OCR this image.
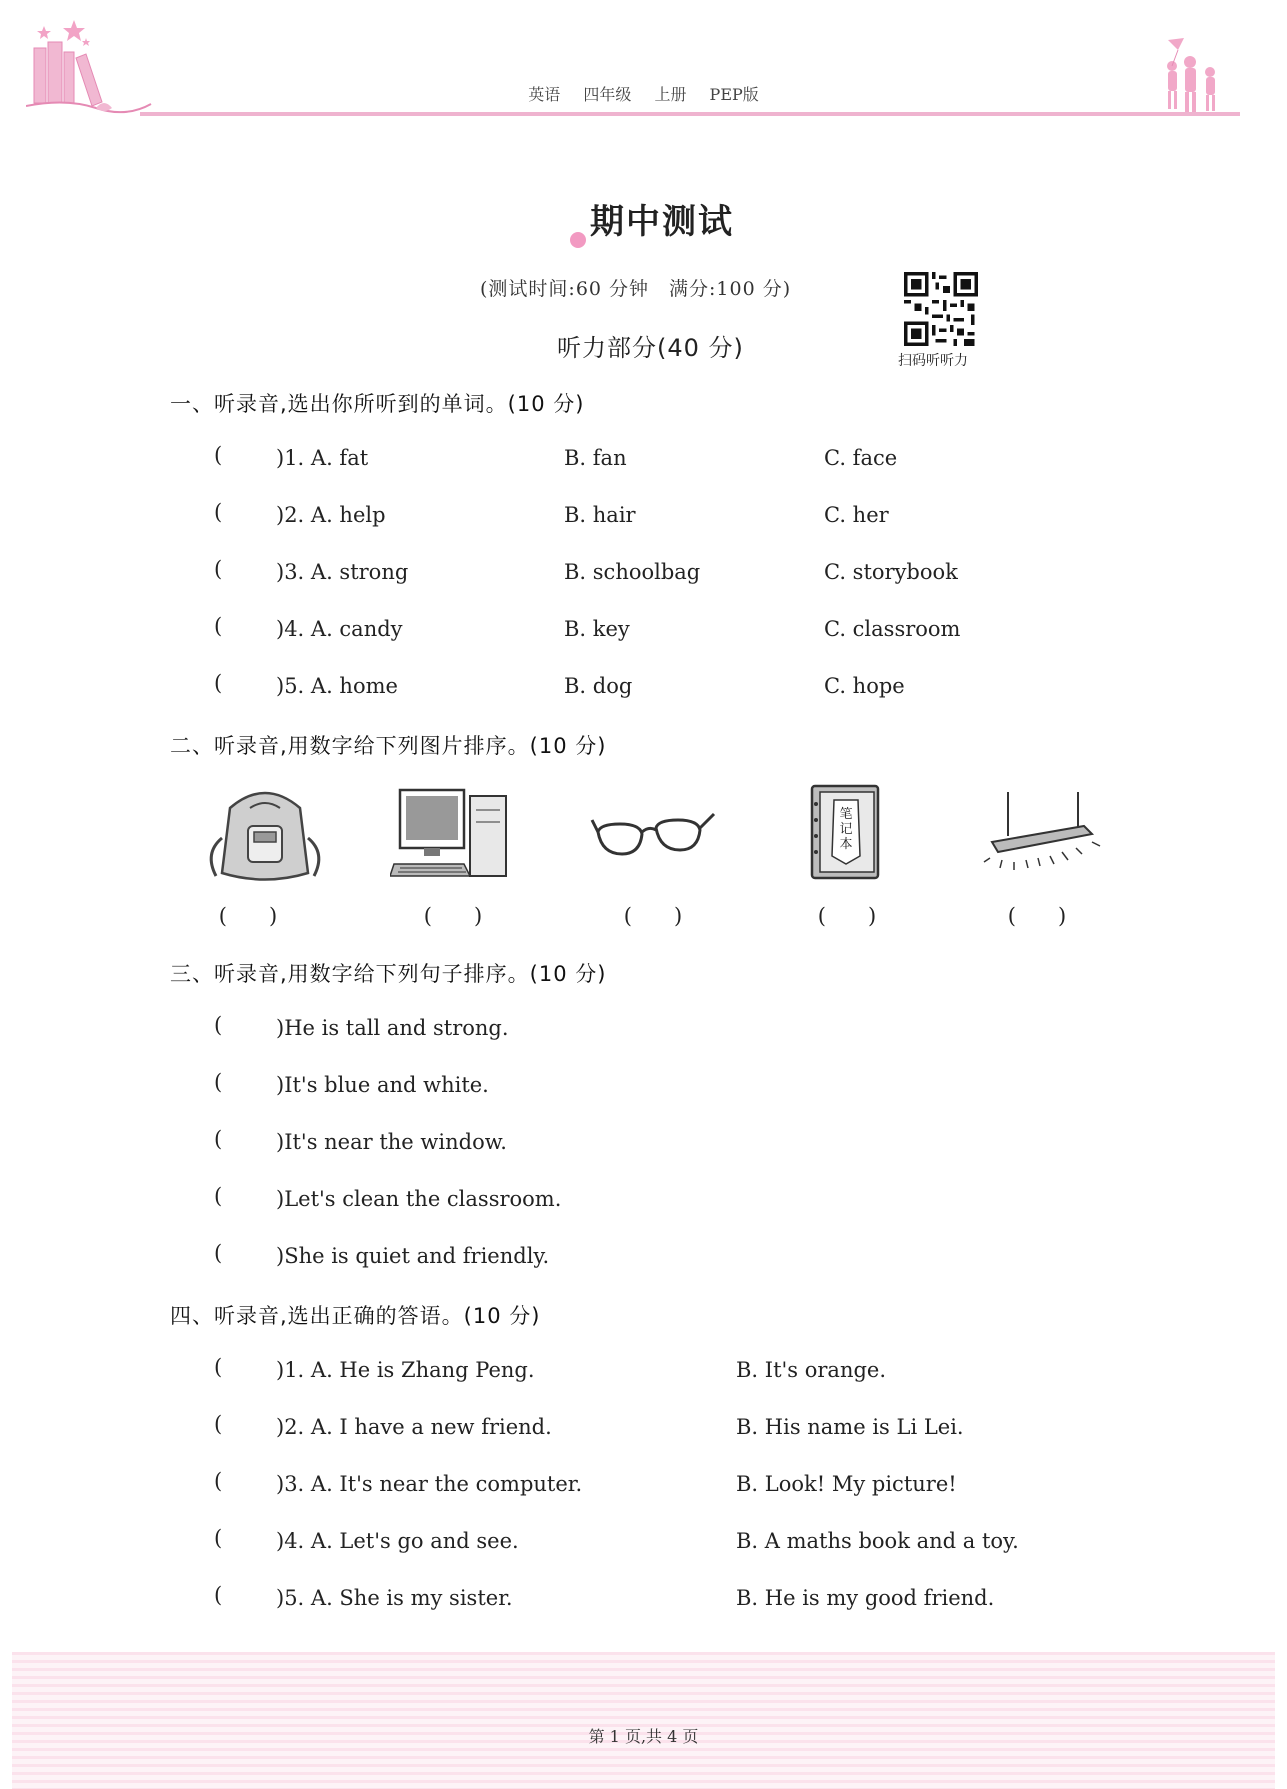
英语 四年级 上册 PEP版
期中测试
(测试时间:60 分钟　满分:100 分)
扫码听听力
听力部分(40 分)
一、听录音,选出你所听到的单词。(10 分)
(	)1. A. fat	B. fan	C. face
(	)2. A. help	B. hair	C. her
(	)3. A. strong	B. schoolbag	C. storybook
(	)4. A. candy	B. key	C. classroom
(	)5. A. home	B. dog	C. hope
二、听录音,用数字给下列图片排序。(10 分)
笔记本
(　　)	(　　)	(　　)	(　　)	(　　)
三、听录音,用数字给下列句子排序。(10 分)
(	)He is tall and strong.
(	)It's blue and white.
(	)It's near the window.
(	)Let's clean the classroom.
(	)She is quiet and friendly.
四、听录音,选出正确的答语。(10 分)
(	)1. A. He is Zhang Peng.	B. It's orange.
(	)2. A. I have a new friend.	B. His name is Li Lei.
(	)3. A. It's near the computer.	B. Look! My picture!
(	)4. A. Let's go and see.	B. A maths book and a toy.
(	)5. A. She is my sister.	B. He is my good friend.
第 1 页,共 4 页
